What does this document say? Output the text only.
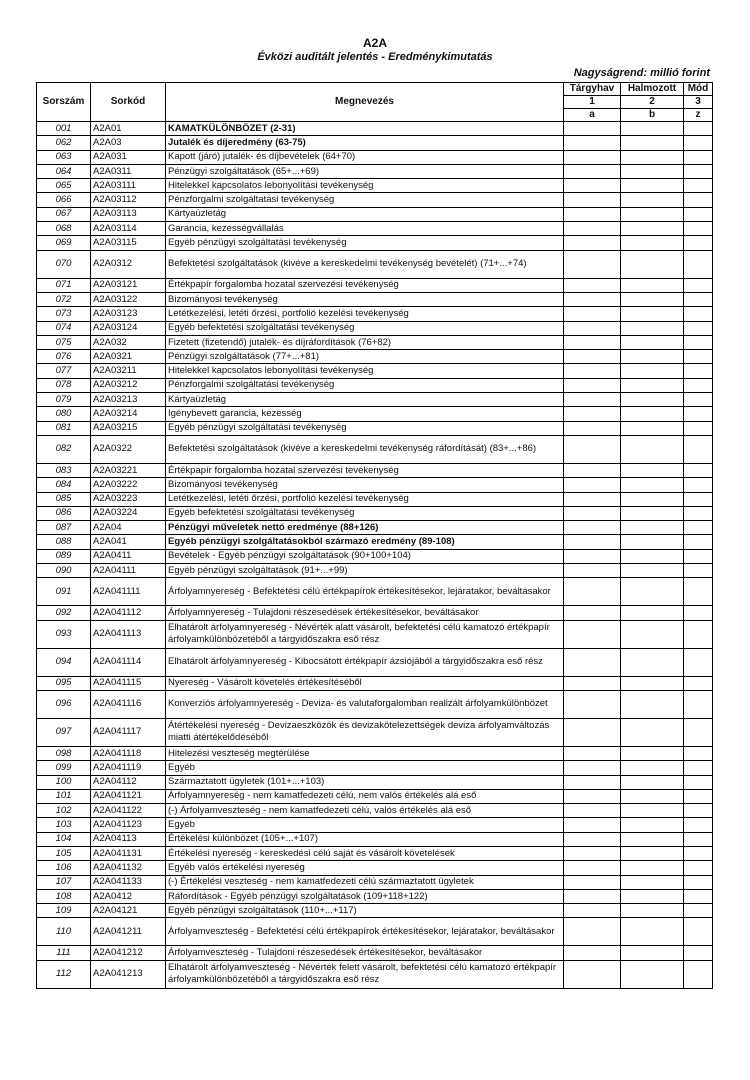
A2A
Évközi auditált jelentés - Eredménykimutatás
Nagyságrend: millió forint
Sorszám	Sorkód	Megnevezés	Tárgyhav	Halmozott	Mód
			1	2	3
			a	b	z
001	A2A01	KAMATKÜLÖNBÖZET (2-31)			
062	A2A03	Jutalék és díjeredmény (63-75)			
063	A2A031	Kapott (járó) jutalék- és díjbevételek (64+70)			
064	A2A0311	Pénzügyi szolgáltatások (65+...+69)			
065	A2A03111	Hitelekkel kapcsolatos lebonyolítási tevékenység			
066	A2A03112	Pénzforgalmi szolgáltatási tevékenység			
067	A2A03113	Kártyaüzletág			
068	A2A03114	Garancia, kezességvállalás			
069	A2A03115	Egyéb pénzügyi szolgáltatási tevékenység			
070	A2A0312	Befektetési szolgáltatások (kivéve a kereskedelmi tevékenység bevételét) (71+...+74)			
071	A2A03121	Értékpapír forgalomba hozatal szervezési tevékenység			
072	A2A03122	Bizományosi tevékenység			
073	A2A03123	Letétkezelési, letéti őrzési, portfolió kezelési tevékenység			
074	A2A03124	Egyéb befektetési szolgáltatási tevékenység			
075	A2A032	Fizetett (fizetendő) jutalék- és díjráfordítások (76+82)			
076	A2A0321	Pénzügyi szolgáltatások (77+...+81)			
077	A2A03211	Hitelekkel kapcsolatos lebonyolítási tevékenység			
078	A2A03212	Pénzforgalmi szolgáltatási tevékenység			
079	A2A03213	Kártyaüzletág			
080	A2A03214	Igénybevett garancia, kezesség			
081	A2A03215	Egyéb pénzügyi szolgáltatási tevékenység			
082	A2A0322	Befektetési szolgáltatások (kivéve a kereskedelmi tevékenység ráfordítását) (83+...+86)			
083	A2A03221	Értékpapír forgalomba hozatal szervezési tevékenység			
084	A2A03222	Bizományosi tevékenység			
085	A2A03223	Letétkezelési, letéti őrzési, portfolió kezelési tevékenység			
086	A2A03224	Egyéb befektetési szolgáltatási tevékenység			
087	A2A04	Pénzügyi műveletek nettó eredménye (88+126)			
088	A2A041	Egyéb pénzügyi szolgáltatásokból származó eredmény (89-108)			
089	A2A0411	Bevételek - Egyéb pénzügyi szolgáltatások (90+100+104)			
090	A2A04111	Egyéb pénzügyi szolgáltatások (91+...+99)			
091	A2A041111	Árfolyamnyereség - Befektetési célú értékpapírok értékesítésekor, lejáratakor, beváltásakor			
092	A2A041112	Árfolyamnyereség - Tulajdoni részesedések értékesítésekor, beváltásakor			
093	A2A041113	Elhatárolt árfolyamnyereség - Névérték alatt vásárolt, befektetési célú kamatozó értékpapír árfolyamkülönbözetéből a tárgyidőszakra eső rész			
094	A2A041114	Elhatárolt árfolyamnyereség - Kibocsátott értékpapír ázsiójából a tárgyidőszakra eső rész			
095	A2A041115	Nyereség - Vásárolt követelés értékesítéséből			
096	A2A041116	Konverziós árfolyamnyereség - Deviza- és valutaforgalomban realizált árfolyamkülönbözet			
097	A2A041117	Átértékelési nyereség - Devizaeszközök és devizakötelezettségek deviza árfolyamváltozás miatti átértékelődéséből			
098	A2A041118	Hitelezési veszteség megtérülése			
099	A2A041119	Egyéb			
100	A2A04112	Származtatott ügyletek (101+...+103)			
101	A2A041121	Árfolyamnyereség - nem kamatfedezeti célú, nem valós értékelés alá eső			
102	A2A041122	(-) Árfolyamveszteség - nem kamatfedezeti célú, valós értékelés alá eső			
103	A2A041123	Egyéb			
104	A2A04113	Értékelési különbözet (105+...+107)			
105	A2A041131	Értékelési nyereség - kereskedési célú saját és vásárolt követelések			
106	A2A041132	Egyéb valós értékelési nyereség			
107	A2A041133	(-) Értékelési veszteség - nem kamatfedezeti célú származtatott ügyletek			
108	A2A0412	Ráfordítások - Egyéb pénzügyi szolgáltatások (109+118+122)			
109	A2A04121	Egyéb pénzügyi szolgáltatások (110+...+117)			
110	A2A041211	Árfolyamveszteség - Befektetési célú értékpapírok értékesítésekor, lejáratakor, beváltásakor			
111	A2A041212	Árfolyamveszteség - Tulajdoni részesedések értékesítésekor, beváltásakor			
112	A2A041213	Elhatárolt árfolyamveszteség - Névérték felett vásárolt, befektetési célú kamatozó értékpapír árfolyamkülönbözetéből a tárgyidőszakra eső rész			
